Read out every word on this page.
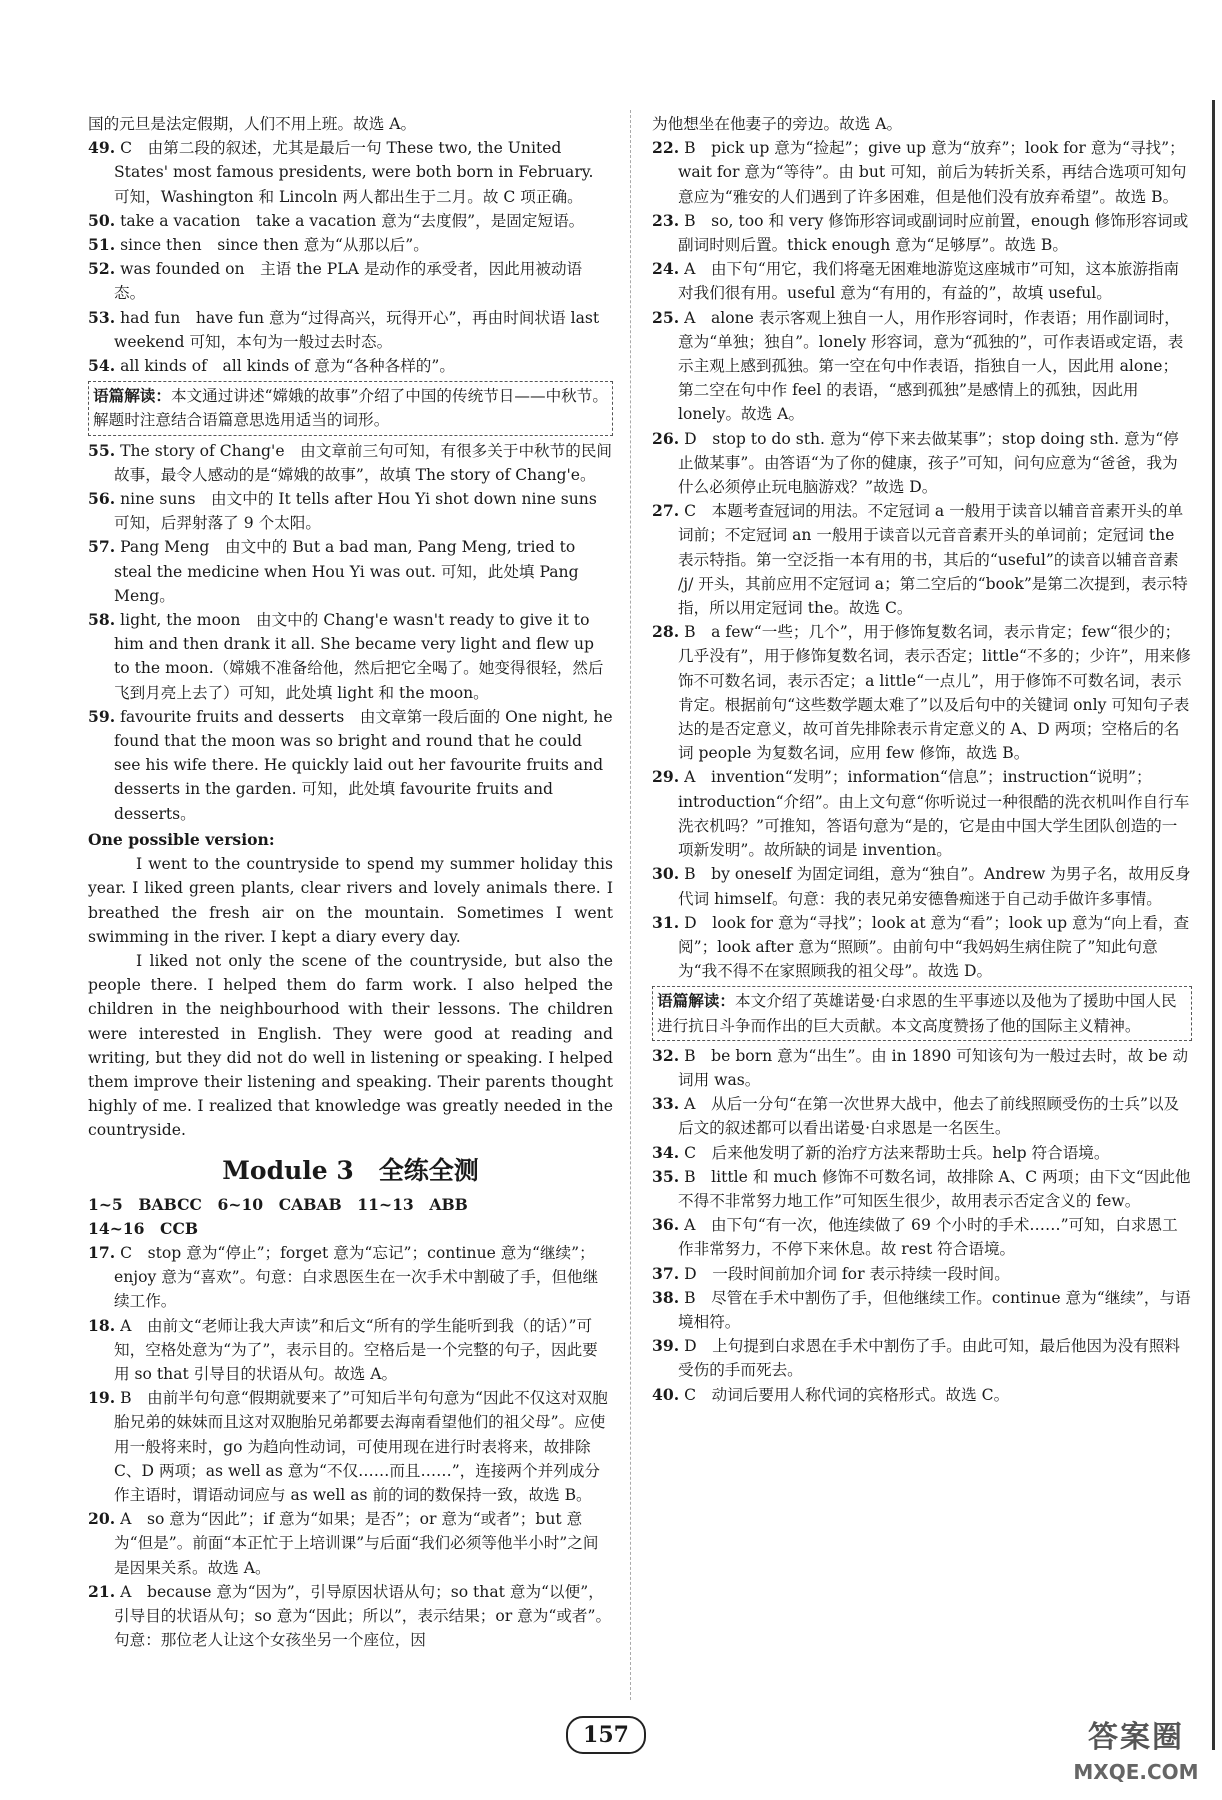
国的元旦是法定假期，人们不用上班。故选 A。

49. C　由第二段的叙述，尤其是最后一句 These two, the United States' most famous presidents, were both born in February. 可知，Washington 和 Lincoln 两人都出生于二月。故 C 项正确。

50. take a vacation　take a vacation 意为“去度假”，是固定短语。

51. since then　since then 意为“从那以后”。

52. was founded on　主语 the PLA 是动作的承受者，因此用被动语态。

53. had fun　have fun 意为“过得高兴，玩得开心”，再由时间状语 last weekend 可知，本句为一般过去时态。

54. all kinds of　all kinds of 意为“各种各样的”。

语篇解读：本文通过讲述“嫦娥的故事”介绍了中国的传统节日——中秋节。解题时注意结合语篇意思选用适当的词形。

55. The story of Chang'e　由文章前三句可知，有很多关于中秋节的民间故事，最令人感动的是“嫦娥的故事”，故填 The story of Chang'e。

56. nine suns　由文中的 It tells after Hou Yi shot down nine suns 可知，后羿射落了 9 个太阳。

57. Pang Meng　由文中的 But a bad man, Pang Meng, tried to steal the medicine when Hou Yi was out. 可知，此处填 Pang Meng。

58. light, the moon　由文中的 Chang'e wasn't ready to give it to him and then drank it all. She became very light and flew up to the moon.（嫦娥不准备给他，然后把它全喝了。她变得很轻，然后飞到月亮上去了）可知，此处填 light 和 the moon。

59. favourite fruits and desserts　由文章第一段后面的 One night, he found that the moon was so bright and round that he could see his wife there. He quickly laid out her favourite fruits and desserts in the garden. 可知，此处填 favourite fruits and desserts。

One possible version:

I went to the countryside to spend my summer holiday this year. I liked green plants, clear rivers and lovely animals there. I breathed the fresh air on the mountain. Sometimes I went swimming in the river. I kept a diary every day.

I liked not only the scene of the countryside, but also the people there. I helped them do farm work. I also helped the children in the neighbourhood with their lessons. The children were interested in English. They were good at reading and writing, but they did not do well in listening or speaking. I helped them improve their listening and speaking. Their parents thought highly of me. I realized that knowledge was greatly needed in the countryside.

Module 3　全练全测

1~5　BABCC　6~10　CABAB　11~13　ABB

14~16　CCB

17. C　stop 意为“停止”；forget 意为“忘记”；continue 意为“继续”；enjoy 意为“喜欢”。句意：白求恩医生在一次手术中割破了手，但他继续工作。

18. A　由前文“老师让我大声读”和后文“所有的学生能听到我（的话）”可知，空格处意为“为了”，表示目的。空格后是一个完整的句子，因此要用 so that 引导目的状语从句。故选 A。

19. B　由前半句句意“假期就要来了”可知后半句句意为“因此不仅这对双胞胎兄弟的妹妹而且这对双胞胎兄弟都要去海南看望他们的祖父母”。应使用一般将来时，go 为趋向性动词，可使用现在进行时表将来，故排除 C、D 两项；as well as 意为“不仅……而且……”，连接两个并列成分作主语时，谓语动词应与 as well as 前的词的数保持一致，故选 B。

20. A　so 意为“因此”；if 意为“如果；是否”；or 意为“或者”；but 意为“但是”。前面“本正忙于上培训课”与后面“我们必须等他半小时”之间是因果关系。故选 A。

21. A　because 意为“因为”，引导原因状语从句；so that 意为“以便”，引导目的状语从句；so 意为“因此；所以”，表示结果；or 意为“或者”。句意：那位老人让这个女孩坐另一个座位，因

为他想坐在他妻子的旁边。故选 A。

22. B　pick up 意为“捡起”；give up 意为“放弃”；look for 意为“寻找”；wait for 意为“等待”。由 but 可知，前后为转折关系，再结合选项可知句意应为“雅安的人们遇到了许多困难，但是他们没有放弃希望”。故选 B。

23. B　so, too 和 very 修饰形容词或副词时应前置，enough 修饰形容词或副词时则后置。thick enough 意为“足够厚”。故选 B。

24. A　由下句“用它，我们将毫无困难地游览这座城市”可知，这本旅游指南对我们很有用。useful 意为“有用的，有益的”，故填 useful。

25. A　alone 表示客观上独自一人，用作形容词时，作表语；用作副词时，意为“单独；独自”。lonely 形容词，意为“孤独的”，可作表语或定语，表示主观上感到孤独。第一空在句中作表语，指独自一人，因此用 alone；第二空在句中作 feel 的表语，“感到孤独”是感情上的孤独，因此用 lonely。故选 A。

26. D　stop to do sth. 意为“停下来去做某事”；stop doing sth. 意为“停止做某事”。由答语“为了你的健康，孩子”可知，问句应意为“爸爸，我为什么必须停止玩电脑游戏？”故选 D。

27. C　本题考查冠词的用法。不定冠词 a 一般用于读音以辅音音素开头的单词前；不定冠词 an 一般用于读音以元音音素开头的单词前；定冠词 the 表示特指。第一空泛指一本有用的书，其后的“useful”的读音以辅音音素 /j/ 开头，其前应用不定冠词 a；第二空后的“book”是第二次提到，表示特指，所以用定冠词 the。故选 C。

28. B　a few“一些；几个”，用于修饰复数名词，表示肯定；few“很少的；几乎没有”，用于修饰复数名词，表示否定；little“不多的；少许”，用来修饰不可数名词，表示否定；a little“一点儿”，用于修饰不可数名词，表示肯定。根据前句“这些数学题太难了”以及后句中的关键词 only 可知句子表达的是否定意义，故可首先排除表示肯定意义的 A、D 两项；空格后的名词 people 为复数名词，应用 few 修饰，故选 B。

29. A　invention“发明”；information“信息”；instruction“说明”；introduction“介绍”。由上文句意“你听说过一种很酷的洗衣机叫作自行车洗衣机吗？”可推知，答语句意为“是的，它是由中国大学生团队创造的一项新发明”。故所缺的词是 invention。

30. B　by oneself 为固定词组，意为“独自”。Andrew 为男子名，故用反身代词 himself。句意：我的表兄弟安德鲁痴迷于自己动手做许多事情。

31. D　look for 意为“寻找”；look at 意为“看”；look up 意为“向上看，查阅”；look after 意为“照顾”。由前句中“我妈妈生病住院了”知此句意为“我不得不在家照顾我的祖父母”。故选 D。

语篇解读：本文介绍了英雄诺曼·白求恩的生平事迹以及他为了援助中国人民进行抗日斗争而作出的巨大贡献。本文高度赞扬了他的国际主义精神。

32. B　be born 意为“出生”。由 in 1890 可知该句为一般过去时，故 be 动词用 was。

33. A　从后一分句“在第一次世界大战中，他去了前线照顾受伤的士兵”以及后文的叙述都可以看出诺曼·白求恩是一名医生。

34. C　后来他发明了新的治疗方法来帮助士兵。help 符合语境。

35. B　little 和 much 修饰不可数名词，故排除 A、C 两项；由下文“因此他不得不非常努力地工作”可知医生很少，故用表示否定含义的 few。

36. A　由下句“有一次，他连续做了 69 个小时的手术……”可知，白求恩工作非常努力，不停下来休息。故 rest 符合语境。

37. D　一段时间前加介词 for 表示持续一段时间。

38. B　尽管在手术中割伤了手，但他继续工作。continue 意为“继续”，与语境相符。

39. D　上句提到白求恩在手术中割伤了手。由此可知，最后他因为没有照料受伤的手而死去。

40. C　动词后要用人称代词的宾格形式。故选 C。

157	答案圈
MXQE.COM
